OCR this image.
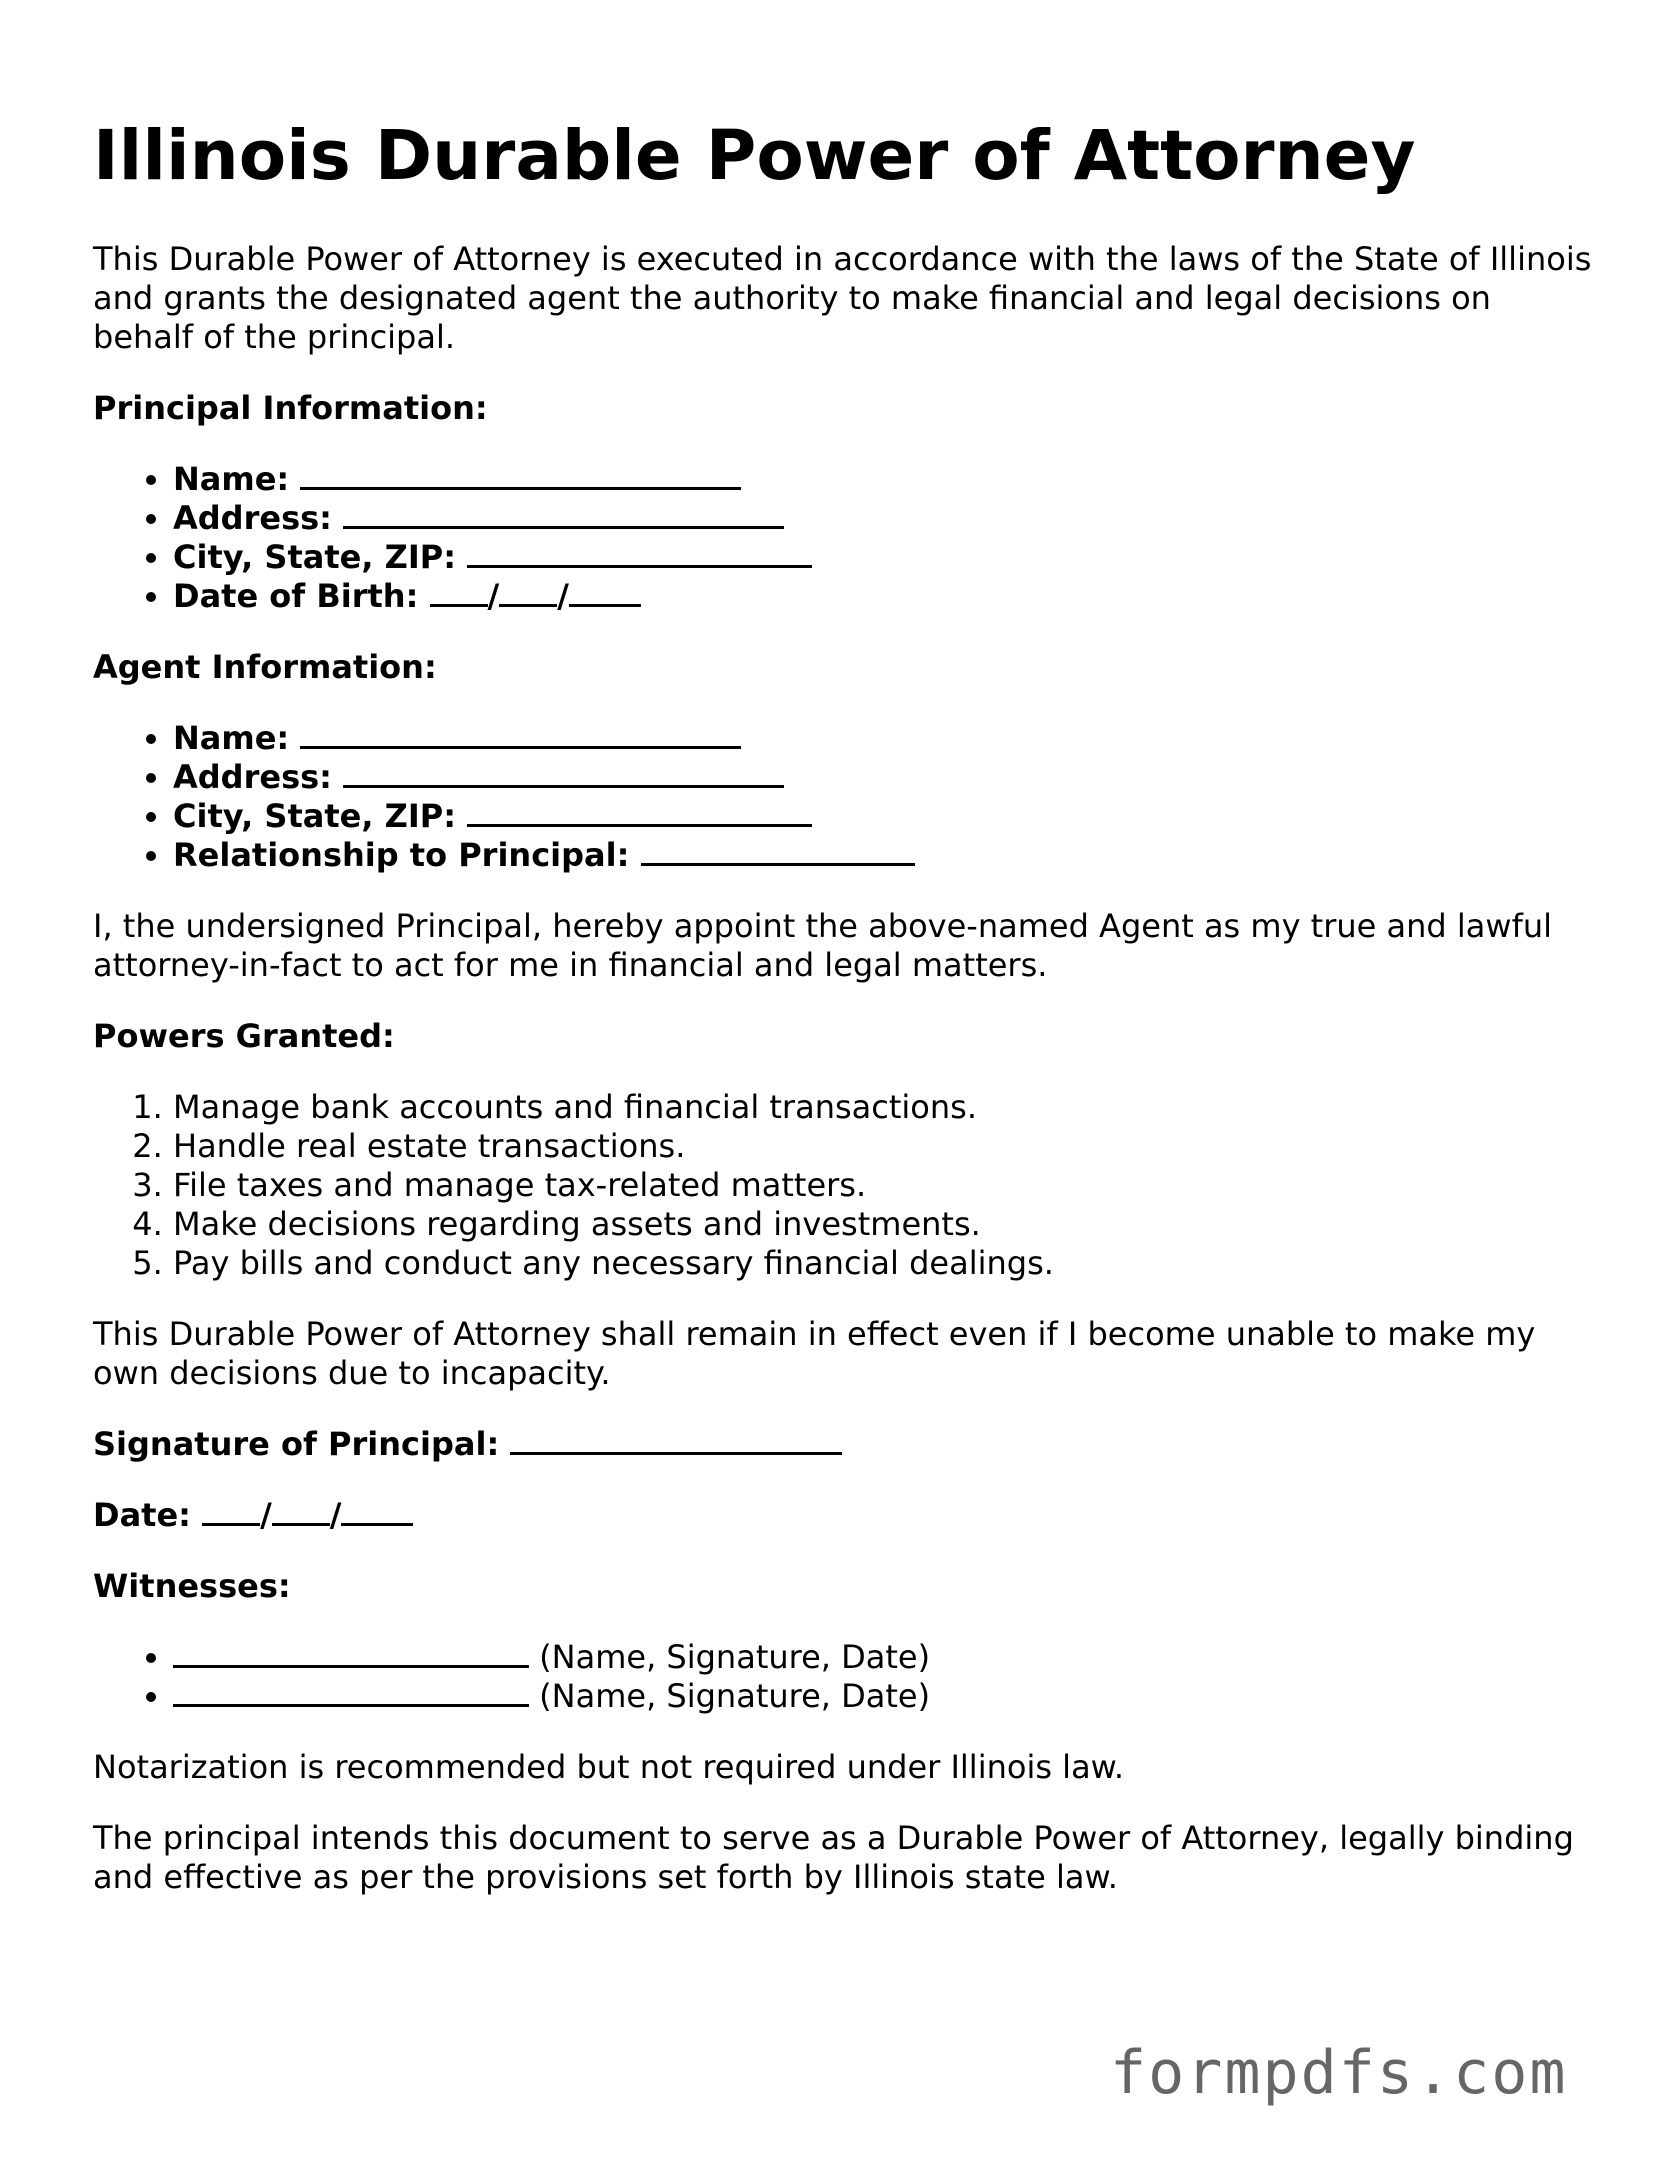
Illinois Durable Power of Attorney

This Durable Power of Attorney is executed in accordance with the laws of the State of Illinois and grants the designated agent the authority to make financial and legal decisions on behalf of the principal.

Principal Information:

• Name:
• Address:
• City, State, ZIP:
• Date of Birth: / /

Agent Information:

• Name:
• Address:
• City, State, ZIP:
• Relationship to Principal:

I, the undersigned Principal, hereby appoint the above-named Agent as my true and lawful attorney-in-fact to act for me in financial and legal matters.

Powers Granted:

1. Manage bank accounts and financial transactions.
2. Handle real estate transactions.
3. File taxes and manage tax-related matters.
4. Make decisions regarding assets and investments.
5. Pay bills and conduct any necessary financial dealings.

This Durable Power of Attorney shall remain in effect even if I become unable to make my own decisions due to incapacity.

Signature of Principal:

Date: / /

Witnesses:

• (Name, Signature, Date)
• (Name, Signature, Date)

Notarization is recommended but not required under Illinois law.

The principal intends this document to serve as a Durable Power of Attorney, legally binding and effective as per the provisions set forth by Illinois state law.

formpdfs.com
